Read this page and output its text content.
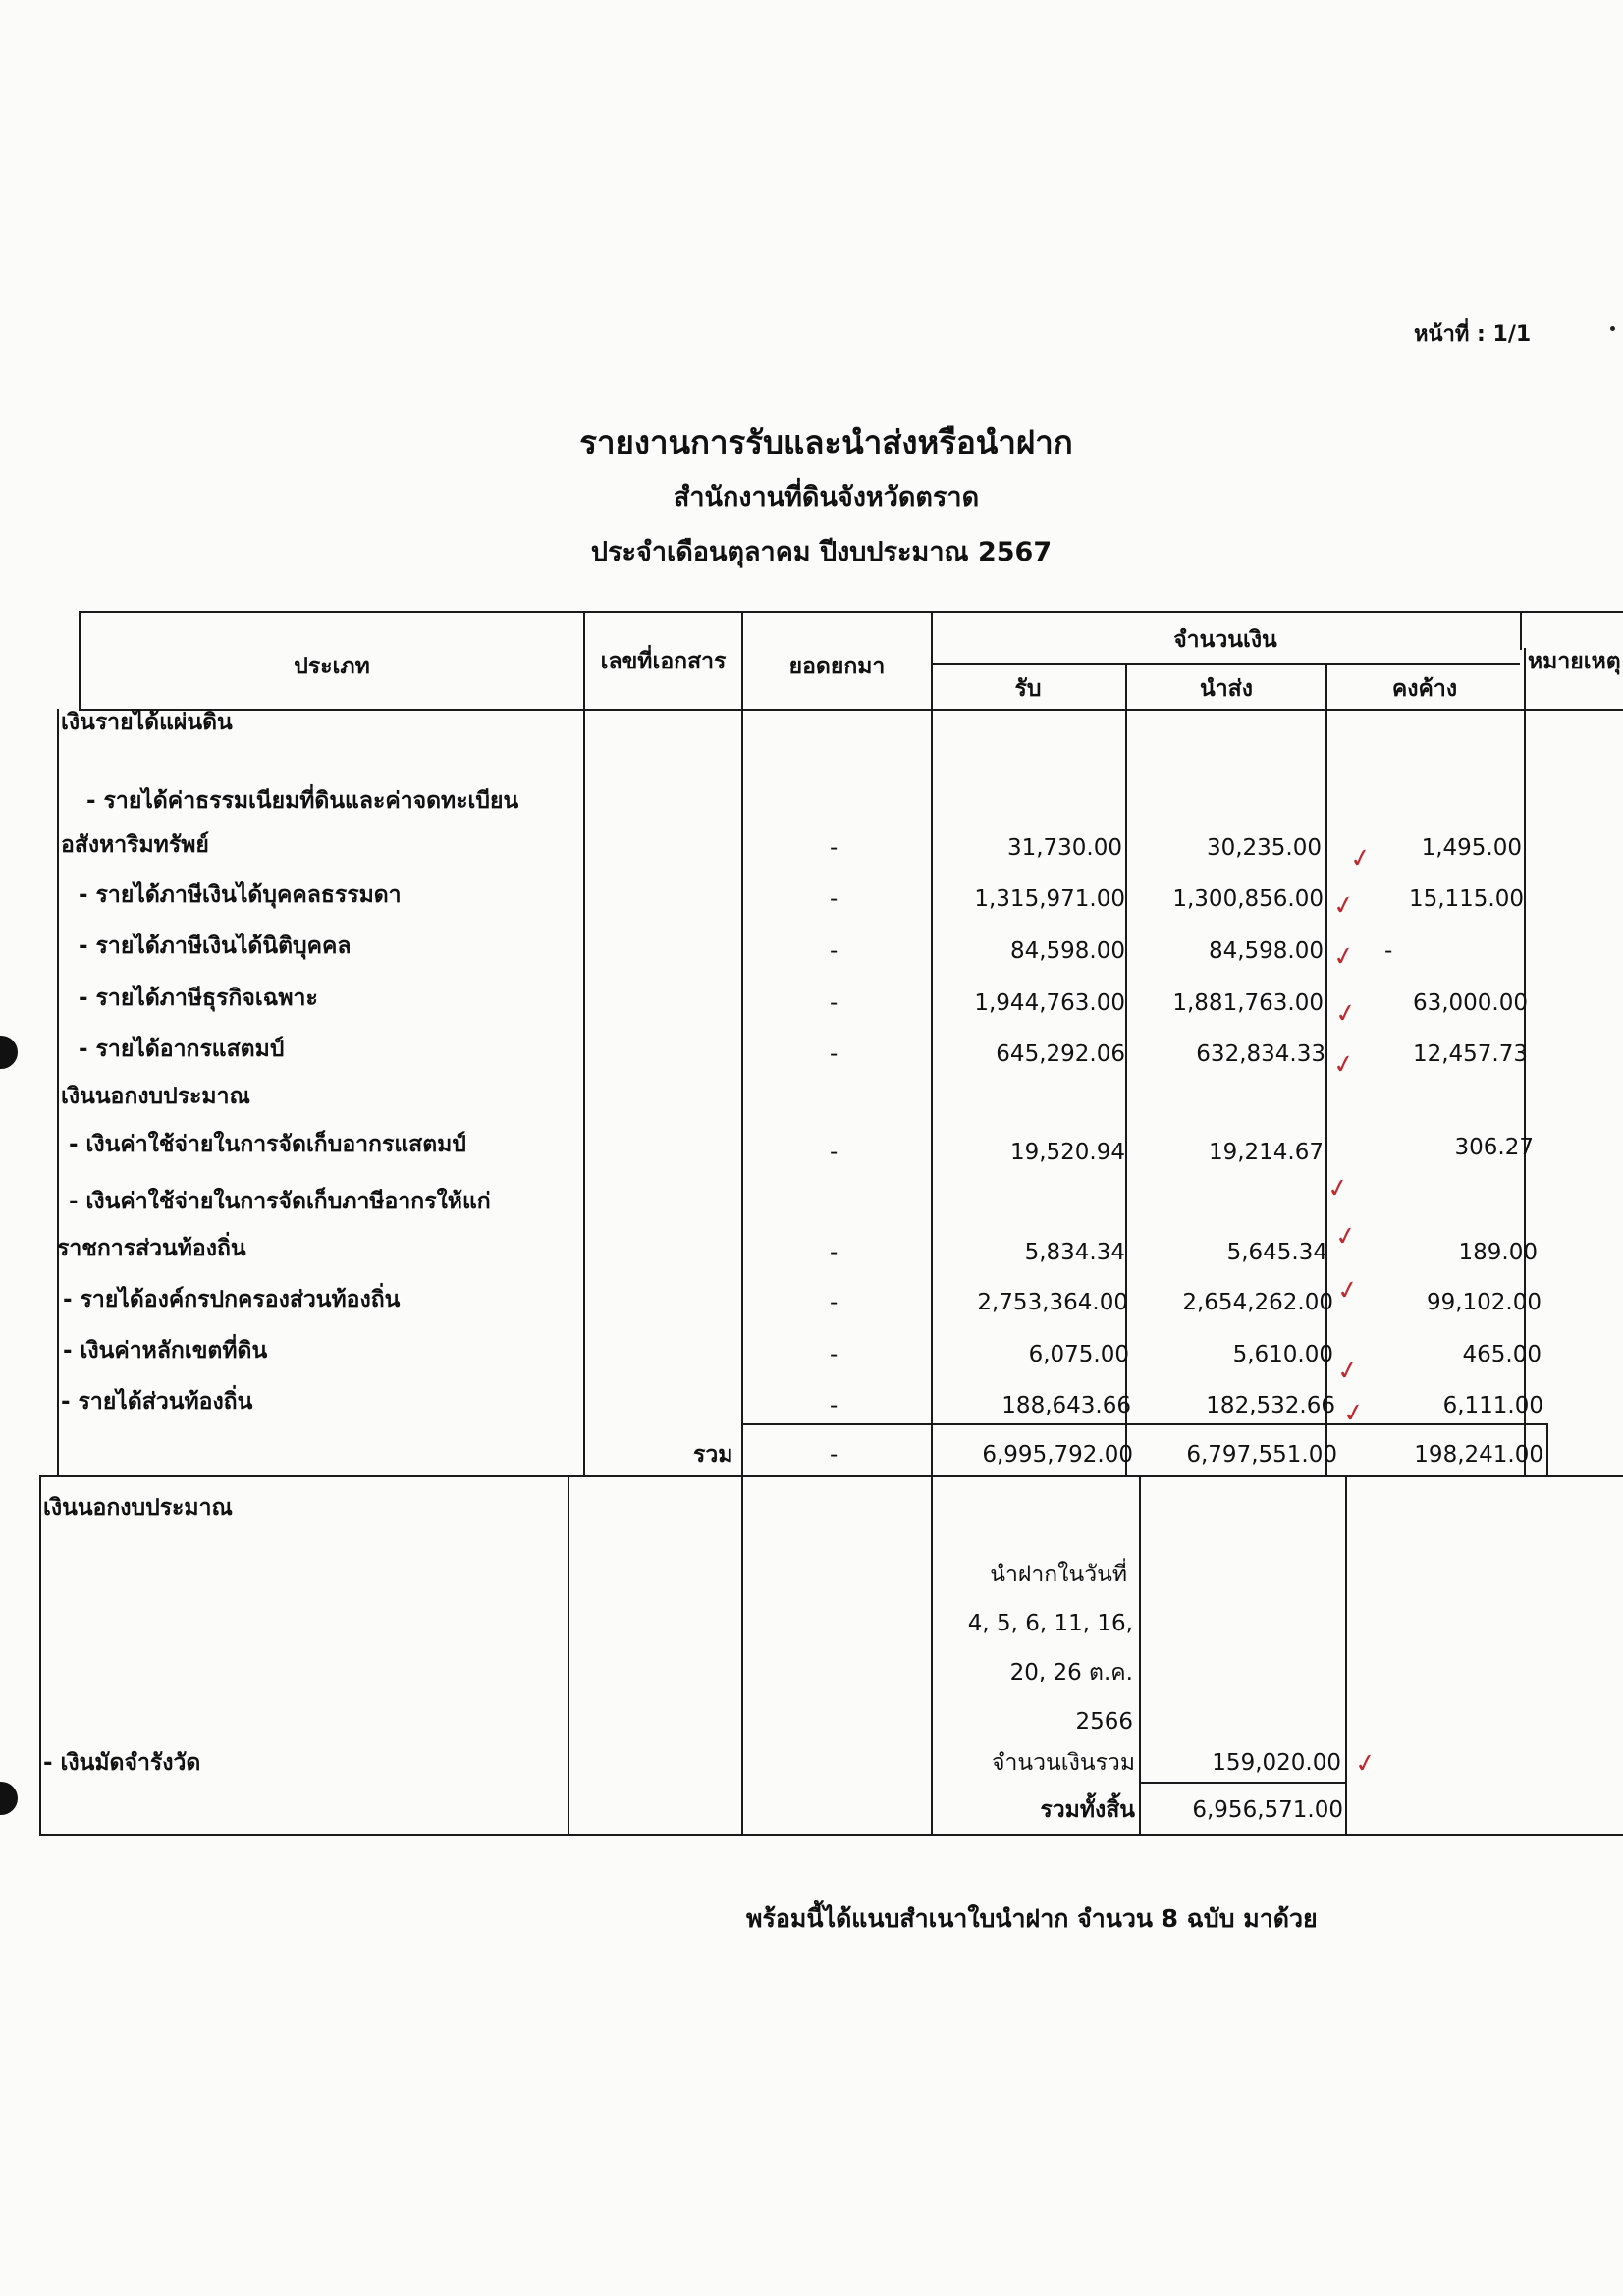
หน้าที่ : 1/1
รายงานการรับและนำส่งหรือนำฝาก
สำนักงานที่ดินจังหวัดตราด
ประจำเดือนตุลาคม ปีงบประมาณ 2567
ประเภท	เลขที่เอกสาร	ยอดยกมา
จำนวนเงิน
รับ	นำส่ง	คงค้าง
หมายเหตุ
เงินรายได้แผ่นดิน
- รายได้ค่าธรรมเนียมที่ดินและค่าจดทะเบียน
อสังหาริมทรัพย์	-	31,730.00	30,235.00	1,495.00
- รายได้ภาษีเงินได้บุคคลธรรมดา	-	1,315,971.00	1,300,856.00	15,115.00
- รายได้ภาษีเงินได้นิติบุคคล	-	84,598.00	84,598.00	-
- รายได้ภาษีธุรกิจเฉพาะ	-	1,944,763.00	1,881,763.00	63,000.00
- รายได้อากรแสตมป์	-	645,292.06	632,834.33	12,457.73
เงินนอกงบประมาณ
- เงินค่าใช้จ่ายในการจัดเก็บอากรแสตมป์	-	19,520.94	19,214.67	306.27
- เงินค่าใช้จ่ายในการจัดเก็บภาษีอากรให้แก่
ราชการส่วนท้องถิ่น	-	5,834.34	5,645.34	189.00
- รายได้องค์กรปกครองส่วนท้องถิ่น	-	2,753,364.00	2,654,262.00	99,102.00
- เงินค่าหลักเขตที่ดิน	-	6,075.00	5,610.00	465.00
- รายได้ส่วนท้องถิ่น	-	188,643.66	182,532.66	6,111.00
รวม	-	6,995,792.00	6,797,551.00	198,241.00
เงินนอกงบประมาณ
นำฝากในวันที่
4, 5, 6, 11, 16,
20, 26 ต.ค.
2566
- เงินมัดจำรังวัด	จำนวนเงินรวม	159,020.00
รวมทั้งสิ้น	6,956,571.00
✓
✓
✓
✓
✓
✓
✓
✓
✓
✓
✓
พร้อมนี้ได้แนบสำเนาใบนำฝาก จำนวน 8 ฉบับ มาด้วย
